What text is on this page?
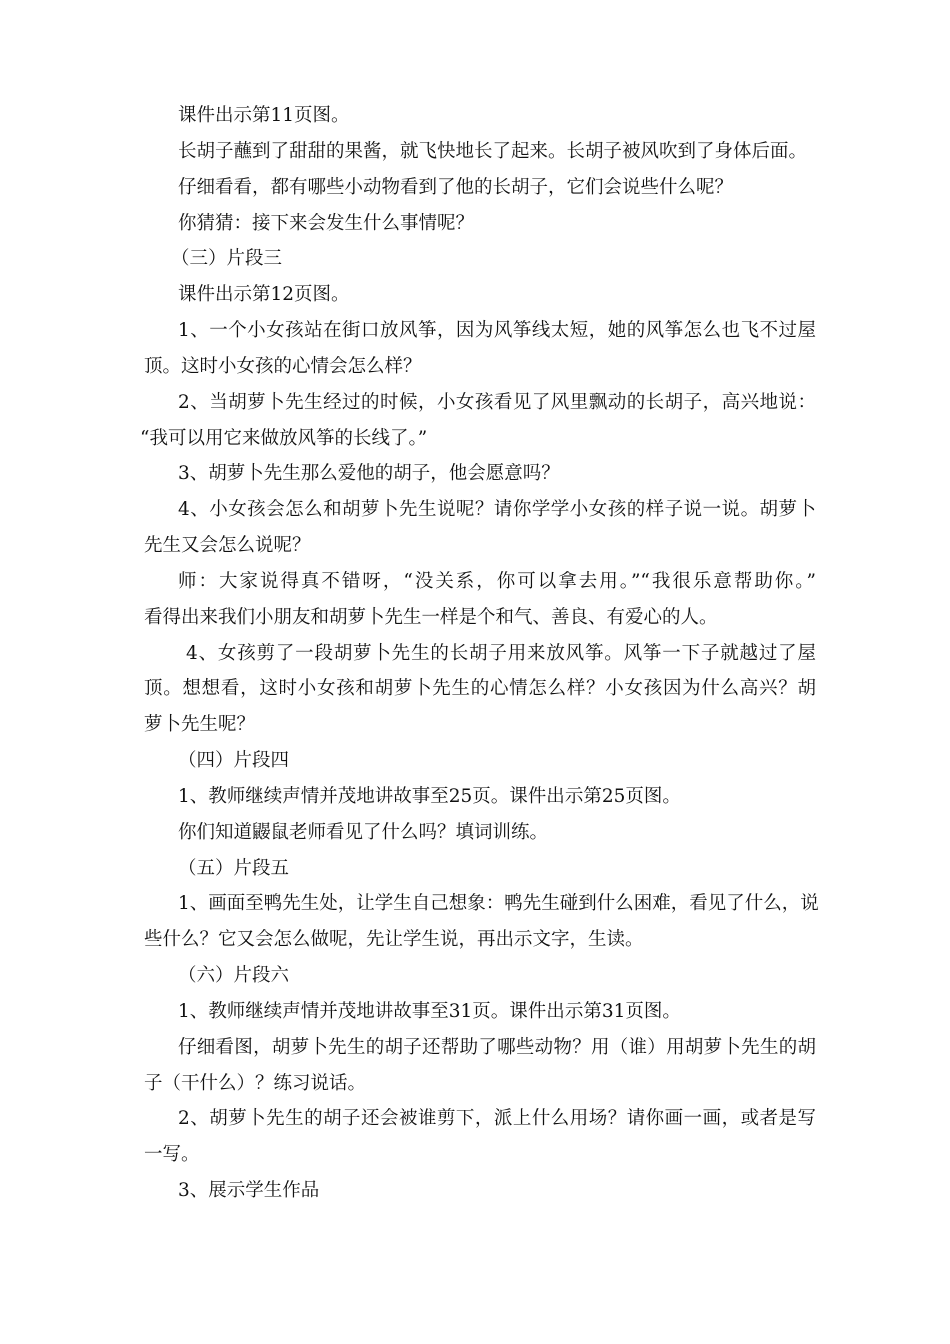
课件出示第11页图。

长胡子蘸到了甜甜的果酱，就飞快地长了起来。长胡子被风吹到了身体后面。

仔细看看，都有哪些小动物看到了他的长胡子，它们会说些什么呢？

你猜猜：接下来会发生什么事情呢？

（三）片段三

课件出示第12页图。

1、一个小女孩站在街口放风筝，因为风筝线太短，她的风筝怎么也飞不过屋

顶。这时小女孩的心情会怎么样？

2、当胡萝卜先生经过的时候，小女孩看见了风里飘动的长胡子，高兴地说：

“我可以用它来做放风筝的长线了。”

3、胡萝卜先生那么爱他的胡子，他会愿意吗？

4、小女孩会怎么和胡萝卜先生说呢？请你学学小女孩的样子说一说。胡萝卜

先生又会怎么说呢？

师：大家说得真不错呀，“没关系，你可以拿去用。”“我很乐意帮助你。”

看得出来我们小朋友和胡萝卜先生一样是个和气、善良、有爱心的人。

4、女孩剪了一段胡萝卜先生的长胡子用来放风筝。风筝一下子就越过了屋

顶。想想看，这时小女孩和胡萝卜先生的心情怎么样？小女孩因为什么高兴？胡

萝卜先生呢？

（四）片段四

1、教师继续声情并茂地讲故事至25页。课件出示第25页图。

你们知道鼹鼠老师看见了什么吗？填词训练。

（五）片段五

1、画面至鸭先生处，让学生自己想象：鸭先生碰到什么困难，看见了什么，说

些什么？它又会怎么做呢，先让学生说，再出示文字，生读。

（六）片段六

1、教师继续声情并茂地讲故事至31页。课件出示第31页图。

仔细看图，胡萝卜先生的胡子还帮助了哪些动物？用（谁）用胡萝卜先生的胡

子（干什么）？练习说话。

2、胡萝卜先生的胡子还会被谁剪下，派上什么用场？请你画一画，或者是写

一写。

3、展示学生作品
